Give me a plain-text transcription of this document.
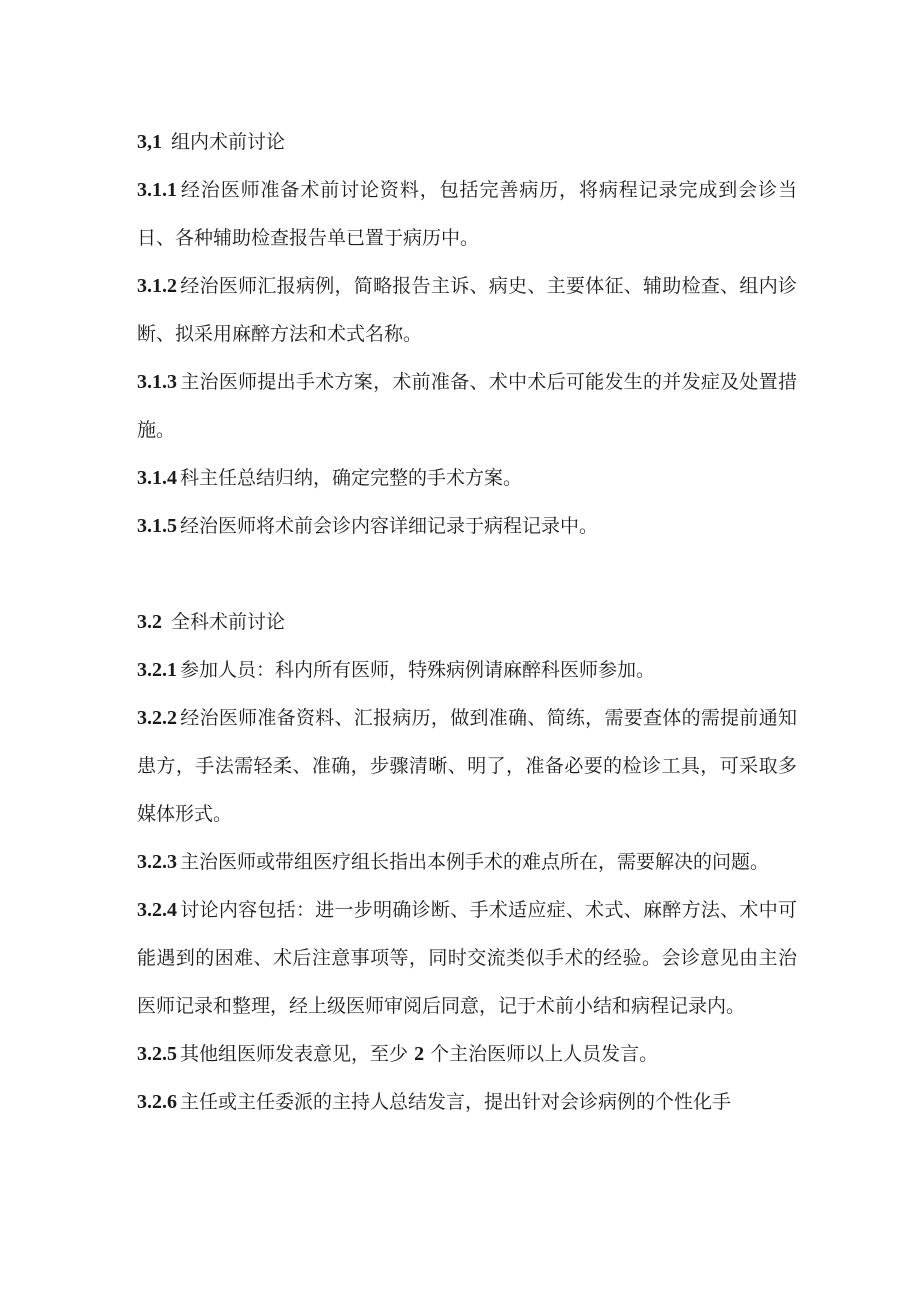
3,1 组内术前讨论

3.1.1 经治医师准备术前讨论资料，包括完善病历，将病程记录完成到会诊当日、各种辅助检查报告单已置于病历中。

3.1.2 经治医师汇报病例，简略报告主诉、病史、主要体征、辅助检查、组内诊断、拟采用麻醉方法和术式名称。

3.1.3 主治医师提出手术方案，术前准备、术中术后可能发生的并发症及处置措施。

3.1.4 科主任总结归纳，确定完整的手术方案。

3.1.5 经治医师将术前会诊内容详细记录于病程记录中。

3.2 全科术前讨论

3.2.1 参加人员：科内所有医师，特殊病例请麻醉科医师参加。

3.2.2 经治医师准备资料、汇报病历，做到准确、简练，需要查体的需提前通知患方，手法需轻柔、准确，步骤清晰、明了，准备必要的检诊工具，可采取多媒体形式。

3.2.3 主治医师或带组医疗组长指出本例手术的难点所在，需要解决的问题。

3.2.4 讨论内容包括：进一步明确诊断、手术适应症、术式、麻醉方法、术中可能遇到的困难、术后注意事项等，同时交流类似手术的经验。会诊意见由主治医师记录和整理，经上级医师审阅后同意，记于术前小结和病程记录内。

3.2.5 其他组医师发表意见，至少 2 个主治医师以上人员发言。

3.2.6 主任或主任委派的主持人总结发言，提出针对会诊病例的个性化手
